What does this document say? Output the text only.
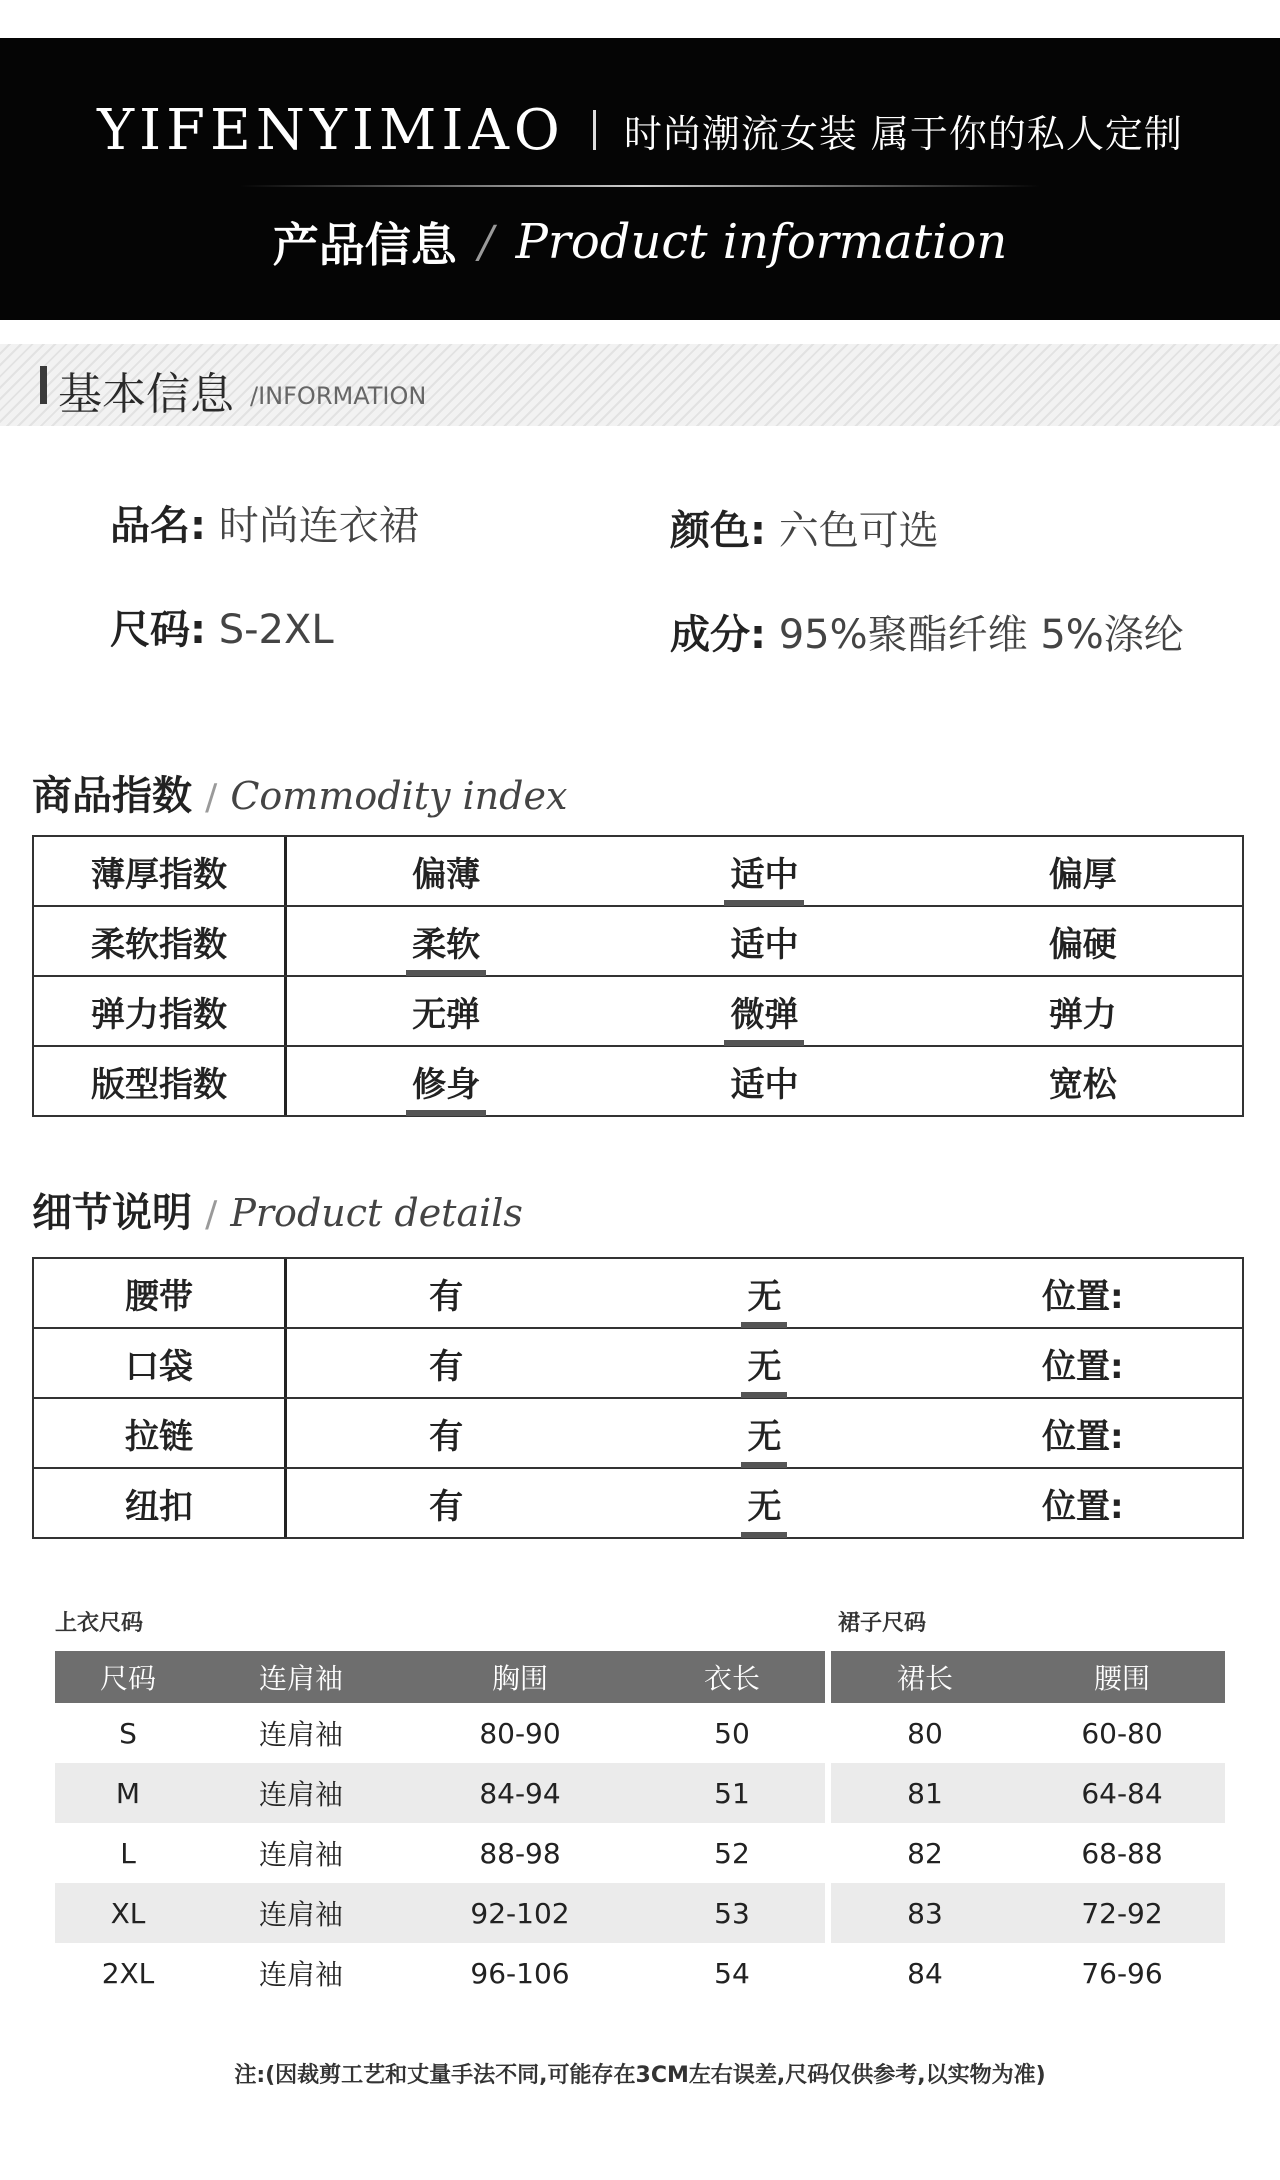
YIFENYIMIAO 时尚潮流女装 属于你的私人定制
产品信息 / Product information
基本信息 /INFORMATION
品名: 时尚连衣裙	颜色: 六色可选
尺码: S-2XL	成分: 95%聚酯纤维 5%涤纶
商品指数 / Commodity index
薄厚指数	偏薄	适中	偏厚
柔软指数	柔软	适中	偏硬
弹力指数	无弹	微弹	弹力
版型指数	修身	适中	宽松
细节说明 / Product details
腰带	有	无	位置:
口袋	有	无	位置:
拉链	有	无	位置:
纽扣	有	无	位置:
上衣尺码	裙子尺码
尺码	连肩袖	胸围	衣长	裙长	腰围
S	连肩袖	80-90	50	80	60-80
M	连肩袖	84-94	51	81	64-84
L	连肩袖	88-98	52	82	68-88
XL	连肩袖	92-102	53	83	72-92
2XL	连肩袖	96-106	54	84	76-96
注:(因裁剪工艺和丈量手法不同,可能存在3CM左右误差,尺码仅供参考,以实物为准)
